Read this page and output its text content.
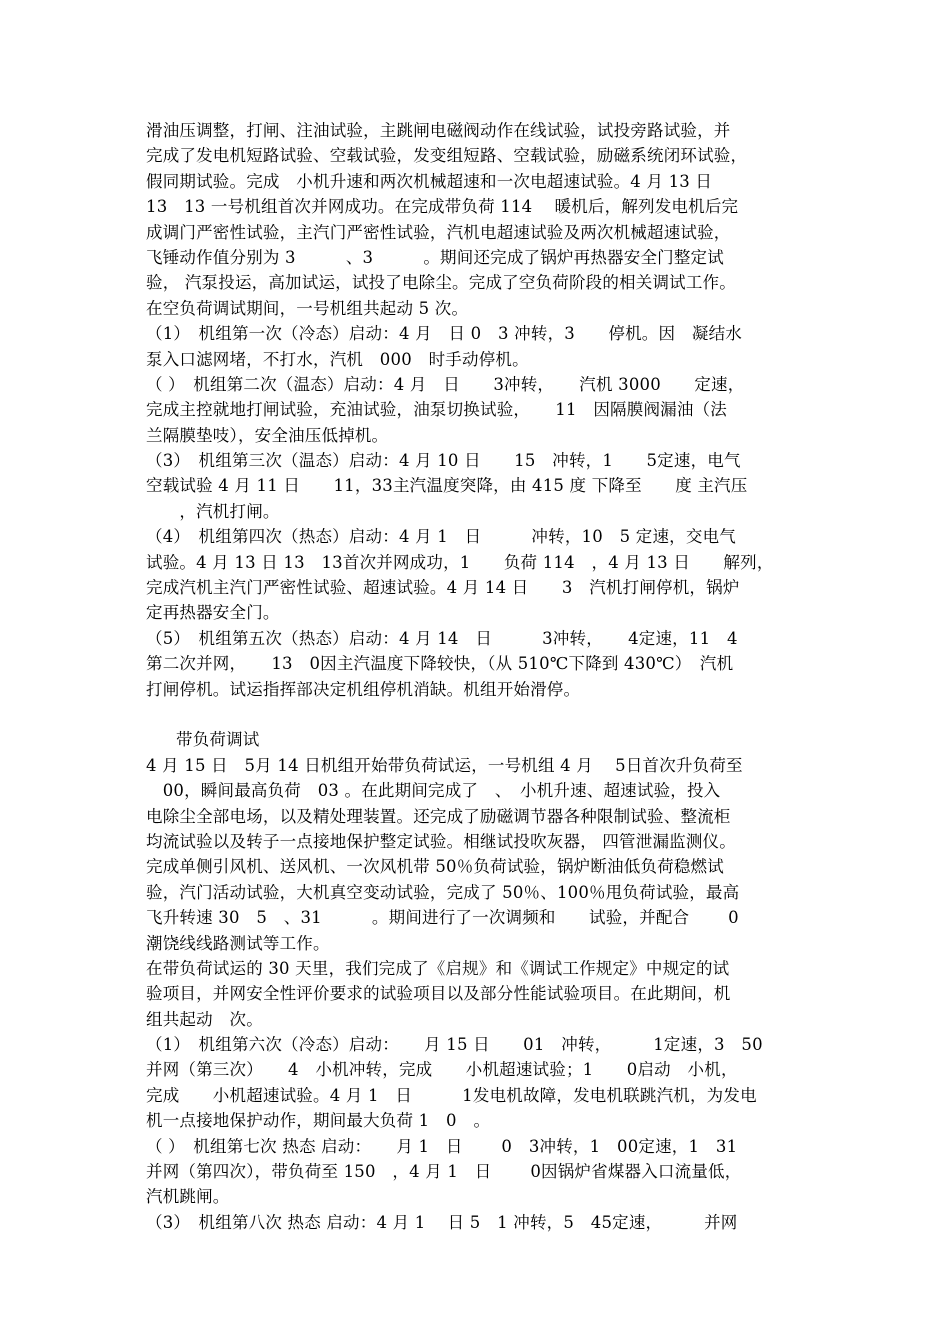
滑油压调整，打闸、注油试验，主跳闸电磁阀动作在线试验，试投旁路试验，并
完成了发电机短路试验、空载试验，发变组短路、空载试验，励磁系统闭环试验，
假同期试验。完成　小机升速和两次机械超速和一次电超速试验。4 月 13 日
13　13 一号机组首次并网成功。在完成带负荷 114　 暖机后，解列发电机后完
成调门严密性试验，主汽门严密性试验，汽机电超速试验及两次机械超速试验，
飞锤动作值分别为 3　　　、3　　　。期间还完成了锅炉再热器安全门整定试
验， 汽泵投运，高加试运，试投了电除尘。完成了空负荷阶段的相关调试工作。
在空负荷调试期间，一号机组共起动 5 次。
（1）　机组第一次（冷态）启动：4 月　日 0　3 冲转，3　　停机。因　凝结水
泵入口滤网堵，不打水，汽机　000　时手动停机。
（ ）　机组第二次（温态）启动：4 月　日　　3冲转，　　汽机 3000　　定速，
完成主控就地打闸试验，充油试验，油泵切换试验，　　11　因隔膜阀漏油（法
兰隔膜垫吱），安全油压低掉机。
（3）　机组第三次（温态）启动：4 月 10 日　　15　冲转，1　　5定速，电气
空载试验 4 月 11 日　　11，33主汽温度突降，由 415 度 下降至　　度 主汽压
　　，汽机打闸。
（4）　机组第四次（热态）启动：4 月 1　日　　　冲转，10　5 定速，交电气
试验。4 月 13 日 13　13首次并网成功，1　　负荷 114　，4 月 13 日　　解列，
完成汽机主汽门严密性试验、超速试验。4 月 14 日　　3　汽机打闸停机，锅炉
定再热器安全门。
（5）　机组第五次（热态）启动：4 月 14　日　　　3冲转，　　4定速，11　4
第二次并网，　　13　0因主汽温度下降较快，（从 510℃下降到 430℃）　汽机
打闸停机。试运指挥部决定机组停机消缺。机组开始滑停。
带负荷调试
4 月 15 日　5月 14 日机组开始带负荷试运，一号机组 4 月　 5日首次升负荷至
　00，瞬间最高负荷　03 。在此期间完成了　、　小机升速、超速试验，投入
电除尘全部电场，以及精处理装置。还完成了励磁调节器各种限制试验、整流柜
均流试验以及转子一点接地保护整定试验。相继试投吹灰器， 四管泄漏监测仪。
完成单侧引风机、送风机、一次风机带 50％负荷试验，锅炉断油低负荷稳燃试
验，汽门活动试验，大机真空变动试验，完成了 50％、100％甩负荷试验，最高
飞升转速 30　5　、31　　　。期间进行了一次调频和　　试验，并配合　　 0
潮饶线线路测试等工作。
在带负荷试运的 30 天里，我们完成了《启规》和《调试工作规定》中规定的试
验项目，并网安全性评价要求的试验项目以及部分性能试验项目。在此期间，机
组共起动　次。
（1）　机组第六次（冷态）启动：　　月 15 日　　01　冲转，　　　1定速，3　50
并网（第三次）　　4　小机冲转，完成　　小机超速试验；1　　0启动　小机，
完成　　小机超速试验。4 月 1　日　　　1发电机故障，发电机联跳汽机，为发电
机一点接地保护动作，期间最大负荷 1　0　。
（ ）　机组第七次 热态 启动：　　月 1　日　　 0　3冲转，1　00定速，1　31
并网（第四次），带负荷至 150　，4 月 1　日　　 0因锅炉省煤器入口流量低，
汽机跳闸。
（3）　机组第八次 热态 启动：4 月 1　 日 5　1 冲转，5　45定速，　　　并网
